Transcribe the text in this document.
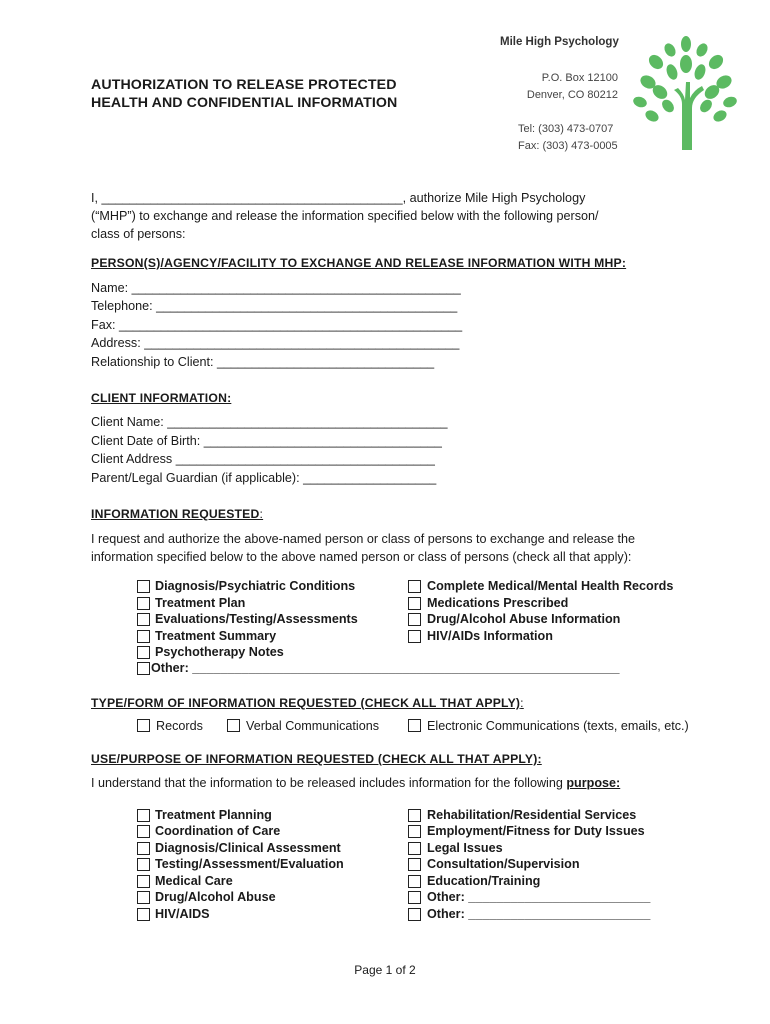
AUTHORIZATION TO RELEASE PROTECTED
HEALTH AND CONFIDENTIAL INFORMATION
Mile High Psychology
P.O. Box 12100
Denver, CO 80212
Tel: (303) 473-0707
Fax: (303) 473-0005
I, ___________________________________________, authorize Mile High Psychology
(“MHP”) to exchange and release the information specified below with the following person/
class of persons:
PERSON(S)/AGENCY/FACILITY TO EXCHANGE AND RELEASE INFORMATION WITH MHP:
Name: _______________________________________________
Telephone: ___________________________________________
Fax: _________________________________________________
Address: _____________________________________________
Relationship to Client: _______________________________
CLIENT INFORMATION:
Client Name: ________________________________________
Client Date of Birth: __________________________________
Client Address _____________________________________
Parent/Legal Guardian (if applicable): ___________________
INFORMATION REQUESTED:
I request and authorize the above-named person or class of persons to exchange and release the
information specified below to the above named person or class of persons (check all that apply):
Diagnosis/Psychiatric Conditions
Treatment Plan
Evaluations/Testing/Assessments
Treatment Summary
Psychotherapy Notes
Other: _____________________________________________________________
Complete Medical/Mental Health Records
Medications Prescribed
Drug/Alcohol Abuse Information
HIV/AIDs Information
TYPE/FORM OF INFORMATION REQUESTED (CHECK ALL THAT APPLY):
Records	Verbal Communications	Electronic Communications (texts, emails, etc.)
USE/PURPOSE OF INFORMATION REQUESTED (CHECK ALL THAT APPLY):
I understand that the information to be released includes information for the following purpose:
Treatment Planning
Coordination of Care
Diagnosis/Clinical Assessment
Testing/Assessment/Evaluation
Medical Care
Drug/Alcohol Abuse
HIV/AIDS
Rehabilitation/Residential Services
Employment/Fitness for Duty Issues
Legal Issues
Consultation/Supervision
Education/Training
Other: __________________________
Other: __________________________
Page 1 of 2
